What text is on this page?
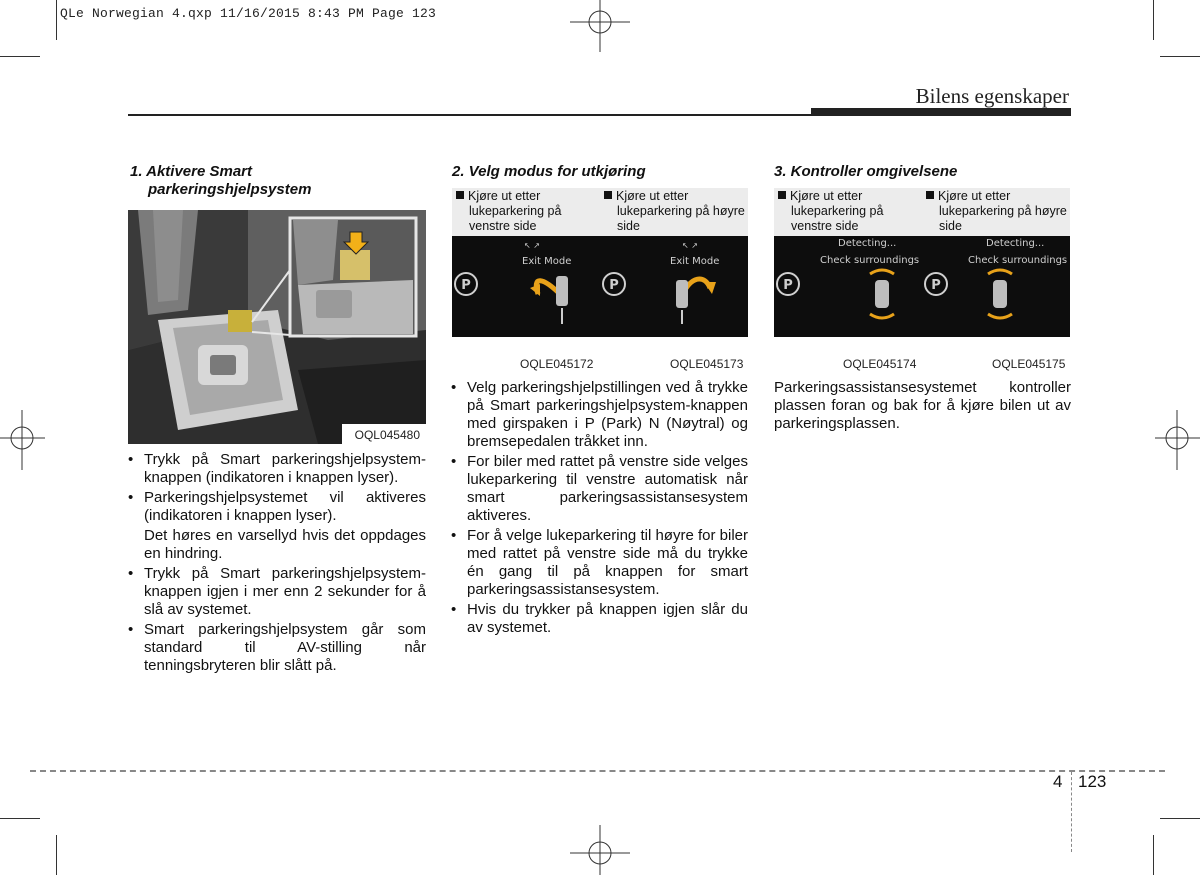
QLe Norwegian 4.qxp 11/16/2015 8:43 PM Page 123
Bilens egenskaper
1. Aktivere Smart
parkeringshjelpsystem
OQL045480
• Trykk på Smart parkeringshjelpsystem-knappen (indikatoren i knappen lyser).
• Parkeringshjelpsystemet vil aktiveres (indikatoren i knappen lyser).
Det høres en varsellyd hvis det oppdages en hindring.
• Trykk på Smart parkeringshjelpsystem-knappen igjen i mer enn 2 sekunder for å slå av systemet.
• Smart parkeringshjelpsystem går som standard til AV-stilling når tenningsbryteren blir slått på.
2. Velg modus for utkjøring
Kjøre ut etter
lukeparkering på venstre side
P
↖ ↗
Exit Mode
Kjøre ut etter
lukeparkering på høyre side
P
↖ ↗
Exit Mode
OQLE045172	OQLE045173
• Velg parkeringshjelpstillingen ved å trykke på Smart parkeringshjelpsystem-knappen med girspaken i P (Park) N (Nøytral) og bremsepedalen tråkket inn.
• For biler med rattet på venstre side velges lukeparkering til venstre automatisk når smart parkeringsassistansesystem aktiveres.
• For å velge lukeparkering til høyre for biler med rattet på venstre side må du trykke én gang til på knappen for smart parkeringsassistansesystem.
• Hvis du trykker på knappen igjen slår du av systemet.
3. Kontroller omgivelsene
Kjøre ut etter
lukeparkering på venstre side
P
Detecting...
Check surroundings
Kjøre ut etter
lukeparkering på høyre side
P
Detecting...
Check surroundings
OQLE045174	OQLE045175
Parkeringsassistansesystemet kontroller plassen foran og bak for å kjøre bilen ut av parkeringsplassen.
4 123
